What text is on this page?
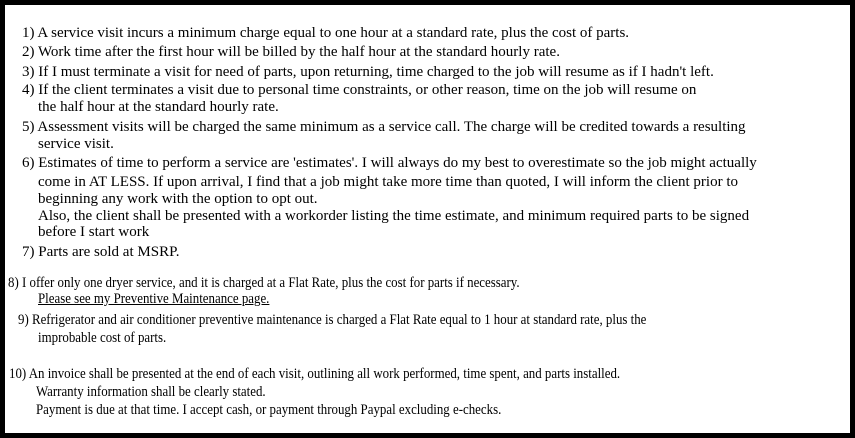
1) A service visit incurs a minimum charge equal to one hour at a standard rate, plus the cost of parts.
2) Work time after the first hour will be billed by the half hour at the standard hourly rate.
3) If I must terminate a visit for need of parts, upon returning, time charged to the job will resume as if I hadn't left.
4) If the client terminates a visit due to personal time constraints, or other reason, time on the job will resume on
the half hour at the standard hourly rate.
5) Assessment visits will be charged the same minimum as a service call. The charge will be credited towards a resulting
service visit.
6) Estimates of time to perform a service are 'estimates'. I will always do my best to overestimate so the job might actually
come in AT LESS. If upon arrival, I find that a job might take more time than quoted, I will inform the client prior to
beginning any work with the option to opt out.
Also, the client shall be presented with a workorder listing the time estimate, and minimum required parts to be signed
before I start work
7) Parts are sold at MSRP.
8) I offer only one dryer service, and it is charged at a Flat Rate, plus the cost for parts if necessary.
Please see my Preventive Maintenance page.
9) Refrigerator and air conditioner preventive maintenance is charged a Flat Rate equal to 1 hour at standard rate, plus the
improbable cost of parts.
10) An invoice shall be presented at the end of each visit, outlining all work performed, time spent, and parts installed.
Warranty information shall be clearly stated.
Payment is due at that time. I accept cash, or payment through Paypal excluding e-checks.
